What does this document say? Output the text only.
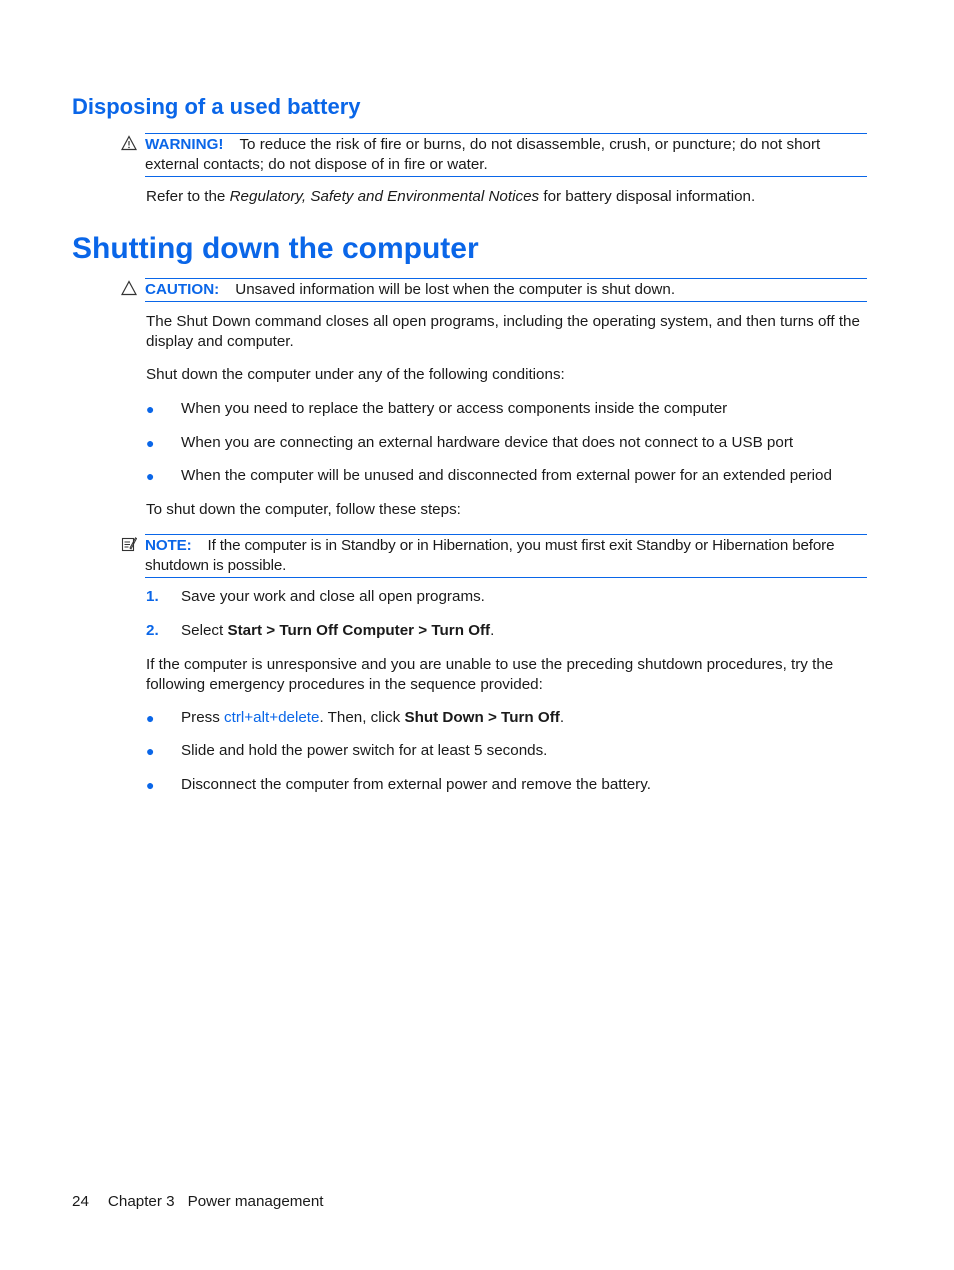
Disposing of a used battery
WARNING! To reduce the risk of fire or burns, do not disassemble, crush, or puncture; do not short external contacts; do not dispose of in fire or water.
Refer to the Regulatory, Safety and Environmental Notices for battery disposal information.
Shutting down the computer
CAUTION: Unsaved information will be lost when the computer is shut down.
The Shut Down command closes all open programs, including the operating system, and then turns off the display and computer.
Shut down the computer under any of the following conditions:
● When you need to replace the battery or access components inside the computer
● When you are connecting an external hardware device that does not connect to a USB port
● When the computer will be unused and disconnected from external power for an extended period
To shut down the computer, follow these steps:
NOTE: If the computer is in Standby or in Hibernation, you must first exit Standby or Hibernation before shutdown is possible.
1. Save your work and close all open programs.
2. Select Start > Turn Off Computer > Turn Off.
If the computer is unresponsive and you are unable to use the preceding shutdown procedures, try the following emergency procedures in the sequence provided:
● Press ctrl+alt+delete. Then, click Shut Down > Turn Off.
● Slide and hold the power switch for at least 5 seconds.
● Disconnect the computer from external power and remove the battery.
24 Chapter 3 Power management
